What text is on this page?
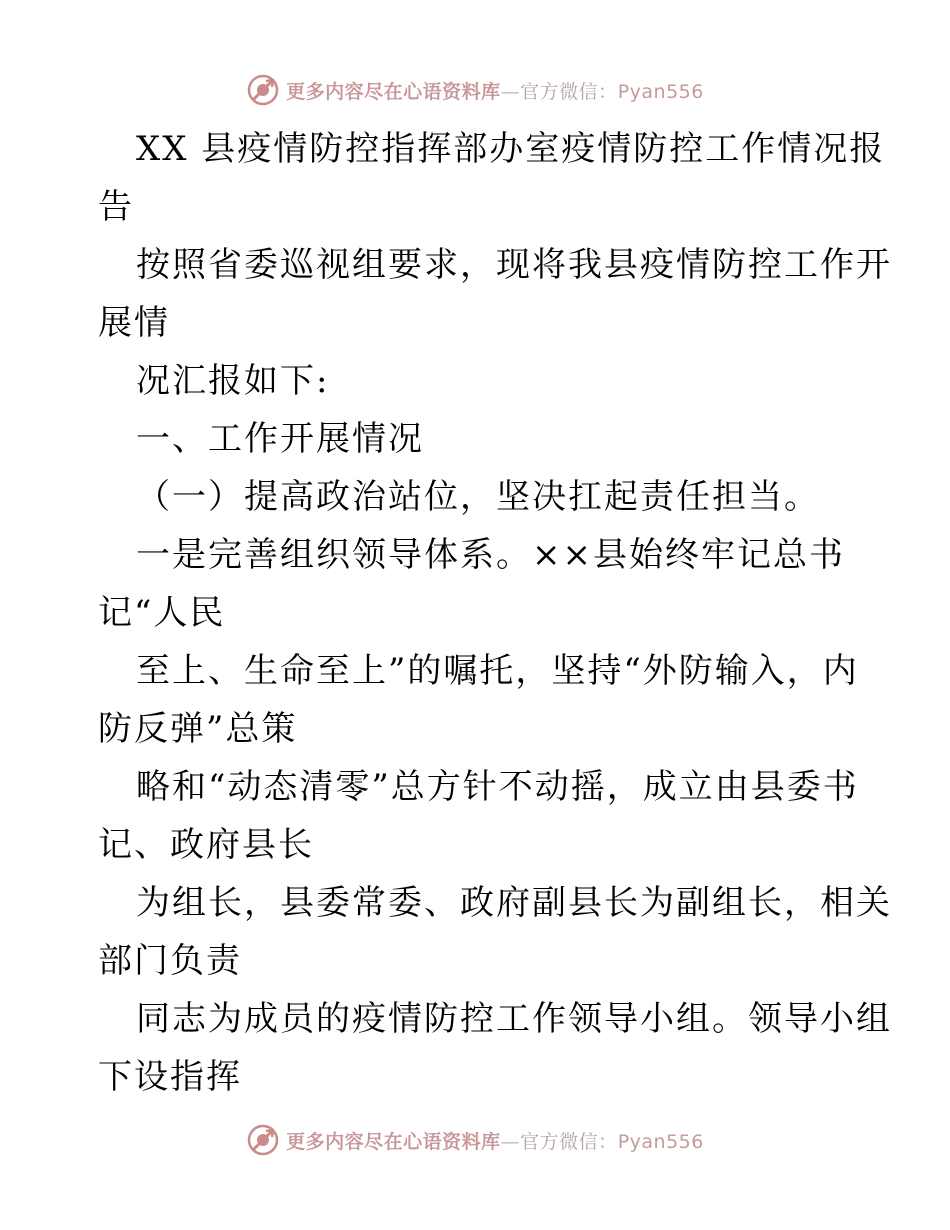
更多内容尽在心语资料库—官方微信：Pyan556
XX 县疫情防控指挥部办室疫情防控工作情况报
告
按照省委巡视组要求，现将我县疫情防控工作开
展情
况汇报如下:
一、工作开展情况
（一）提高政治站位，坚决扛起责任担当。
一是完善组织领导体系。××县始终牢记总书
记“人民
至上、生命至上”的嘱托，坚持“外防输入，内
防反弹”总策
略和“动态清零”总方针不动摇，成立由县委书
记、政府县长
为组长，县委常委、政府副县长为副组长，相关
部门负责
同志为成员的疫情防控工作领导小组。领导小组
下设指挥
更多内容尽在心语资料库—官方微信：Pyan556
